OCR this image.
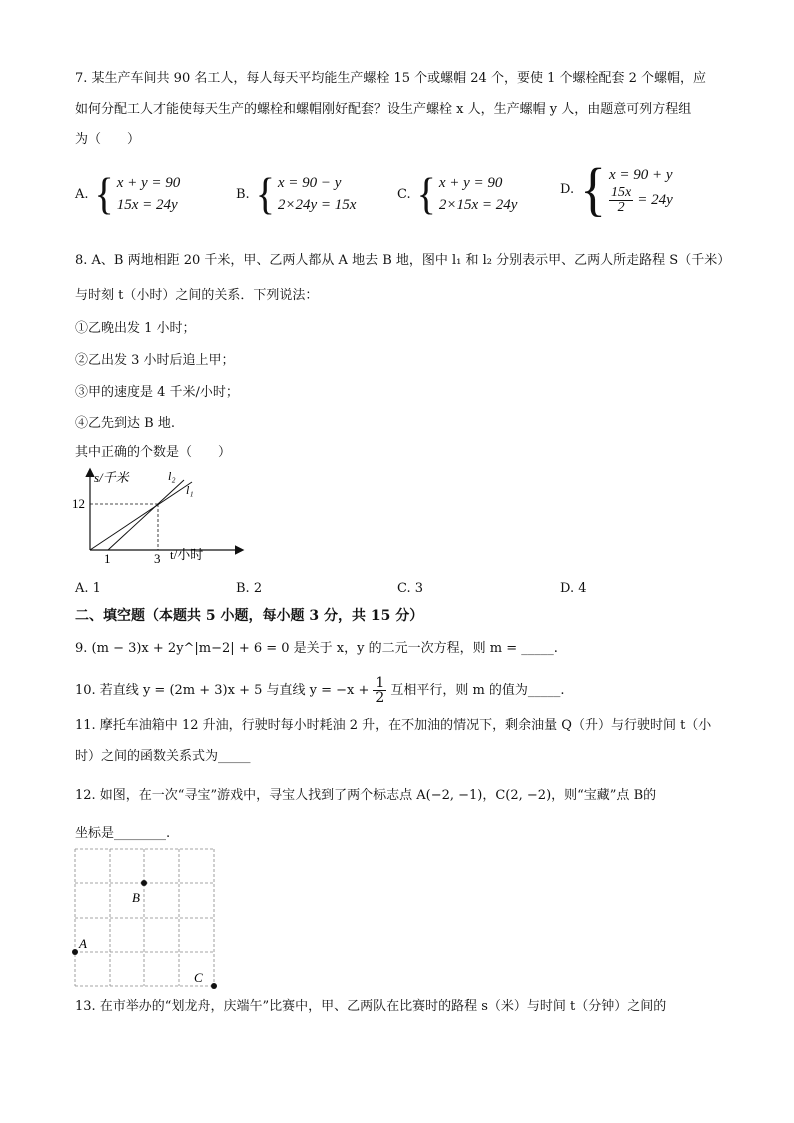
7. 某生产车间共 90 名工人，每人每天平均能生产螺栓 15 个或螺帽 24 个，要使 1 个螺栓配套 2 个螺帽，应
如何分配工人才能使每天生产的螺栓和螺帽刚好配套？设生产螺栓 x 人，生产螺帽 y 人，由题意可列方程组
为（　　）
A. { x + y = 90
15x = 24y
B. { x = 90 − y
2×24y = 15x
C. { x + y = 90
2×15x = 24y
D. { x = 90 + y
$\frac{15x}{2} = 24y$
8. A、B 两地相距 20 千米，甲、乙两人都从 A 地去 B 地，图中 l₁ 和 l₂ 分别表示甲、乙两人所走路程 S（千米）
与时刻 t（小时）之间的关系．下列说法：
①乙晚出发 1 小时；
②乙出发 3 小时后追上甲；
③甲的速度是 4 千米/小时；
④乙先到达 B 地.
其中正确的个数是（　　）
s/千米
t/小时
12
1	3
l₂
l₁
A. 1	B. 2	C. 3	D. 4
二、填空题（本题共 5 小题，每小题 3 分，共 15 分）
9. (m − 3)x + 2y^|m−2| + 6 = 0 是关于 x，y 的二元一次方程，则 m = _____.
10. 若直线 y = (2m + 3)x + 5 与直线 $y = -x + \frac{1}{2}$ 互相平行，则 m 的值为_____.
11. 摩托车油箱中 12 升油，行驶时每小时耗油 2 升，在不加油的情况下，剩余油量 Q（升）与行驶时间 t（小
时）之间的函数关系式为_____
12. 如图，在一次“寻宝”游戏中，寻宝人找到了两个标志点 A(−2, −1)，C(2, −2)，则“宝藏”点 B的
坐标是________.
B
A
C
13. 在市举办的“划龙舟，庆端午”比赛中，甲、乙两队在比赛时的路程 s（米）与时间 t（分钟）之间的
